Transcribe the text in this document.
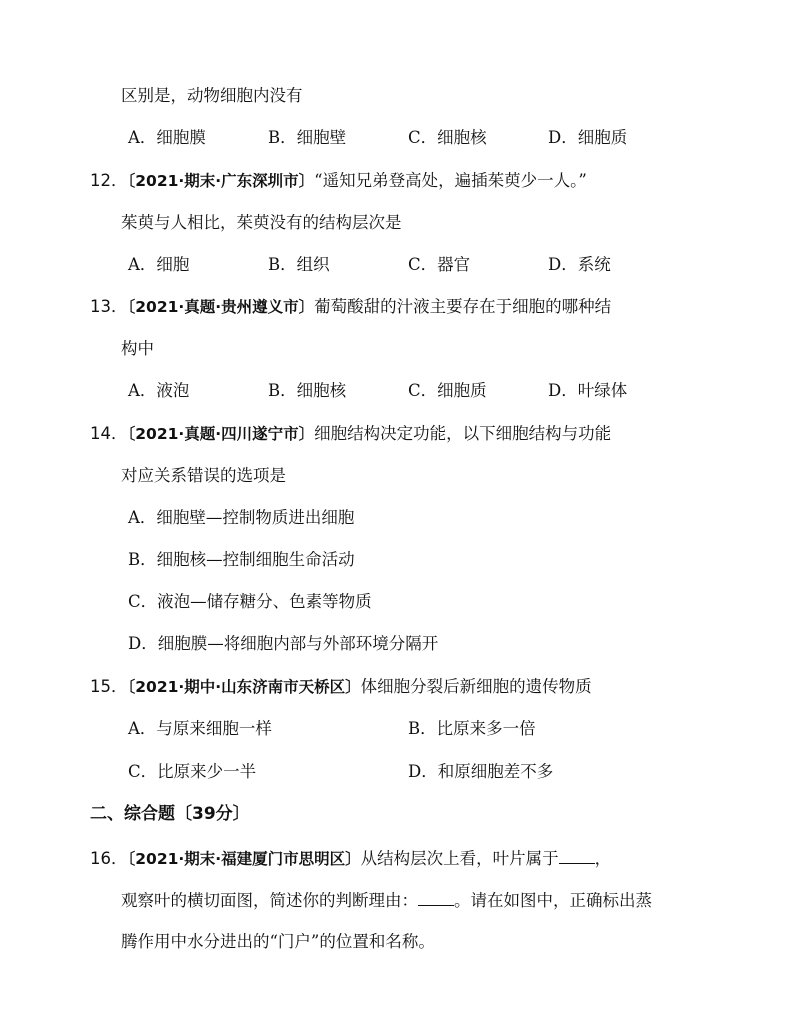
区别是，动物细胞内没有
A．细胞膜	B．细胞壁	C．细胞核	D．细胞质
12．〔2021·期末·广东深圳市〕“遥知兄弟登高处，遍插茱萸少一人。”
茱萸与人相比，茱萸没有的结构层次是
A．细胞	B．组织	C．器官	D．系统
13．〔2021·真题·贵州遵义市〕葡萄酸甜的汁液主要存在于细胞的哪种结
构中
A．液泡	B．细胞核	C．细胞质	D．叶绿体
14．〔2021·真题·四川遂宁市〕细胞结构决定功能，以下细胞结构与功能
对应关系错误的选项是
A．细胞壁—控制物质进出细胞
B．细胞核—控制细胞生命活动
C．液泡—储存糖分、色素等物质
D．细胞膜—将细胞内部与外部环境分隔开
15．〔2021·期中·山东济南市天桥区〕体细胞分裂后新细胞的遗传物质
A．与原来细胞一样	B．比原来多一倍
C．比原来少一半	D．和原细胞差不多
二、综合题〔39分〕
16．〔2021·期末·福建厦门市思明区〕从结构层次上看，叶片属于 ，
观察叶的横切面图，简述你的判断理由： 。请在如图中，正确标出蒸
腾作用中水分进出的“门户”的位置和名称。
